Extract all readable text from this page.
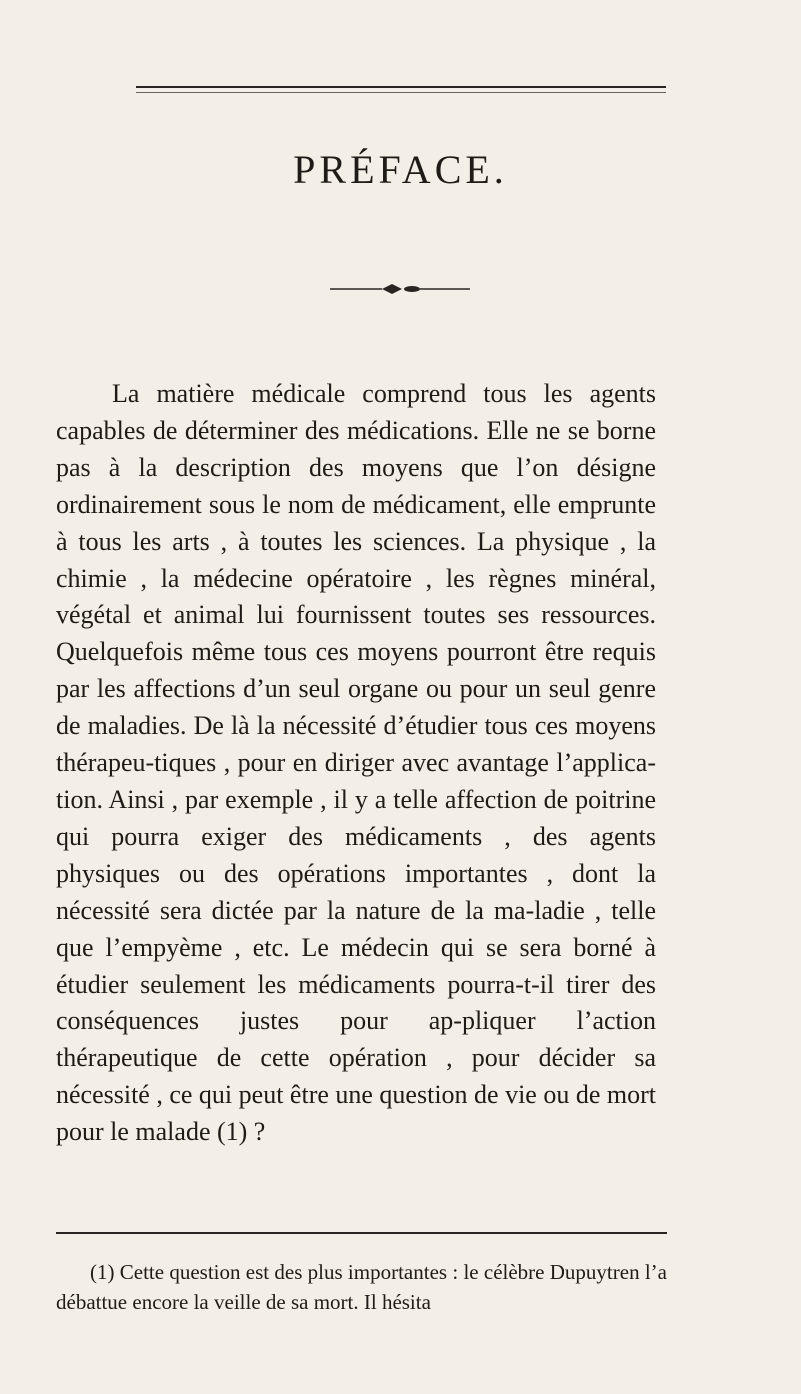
PRÉFACE.

La matière médicale comprend tous les agents capables de déterminer des médications. Elle ne se borne pas à la description des moyens que l’on désigne ordinairement sous le nom de médicament, elle emprunte à tous les arts , à toutes les sciences. La physique , la chimie , la médecine opératoire , les règnes minéral, végétal et animal lui fournissent toutes ses ressources. Quelquefois même tous ces moyens pourront être requis par les affections d’un seul organe ou pour un seul genre de maladies. De là la nécessité d’étudier tous ces moyens thérapeu-tiques , pour en diriger avec avantage l’applica-tion. Ainsi , par exemple , il y a telle affection de poitrine qui pourra exiger des médicaments , des agents physiques ou des opérations importantes , dont la nécessité sera dictée par la nature de la ma-ladie , telle que l’empyème , etc. Le médecin qui se sera borné à étudier seulement les médicaments pourra-t-il tirer des conséquences justes pour ap-pliquer l’action thérapeutique de cette opération , pour décider sa nécessité , ce qui peut être une question de vie ou de mort pour le malade (1) ?

(1) Cette question est des plus importantes : le célèbre Dupuytren l’a débattue encore la veille de sa mort. Il hésita
